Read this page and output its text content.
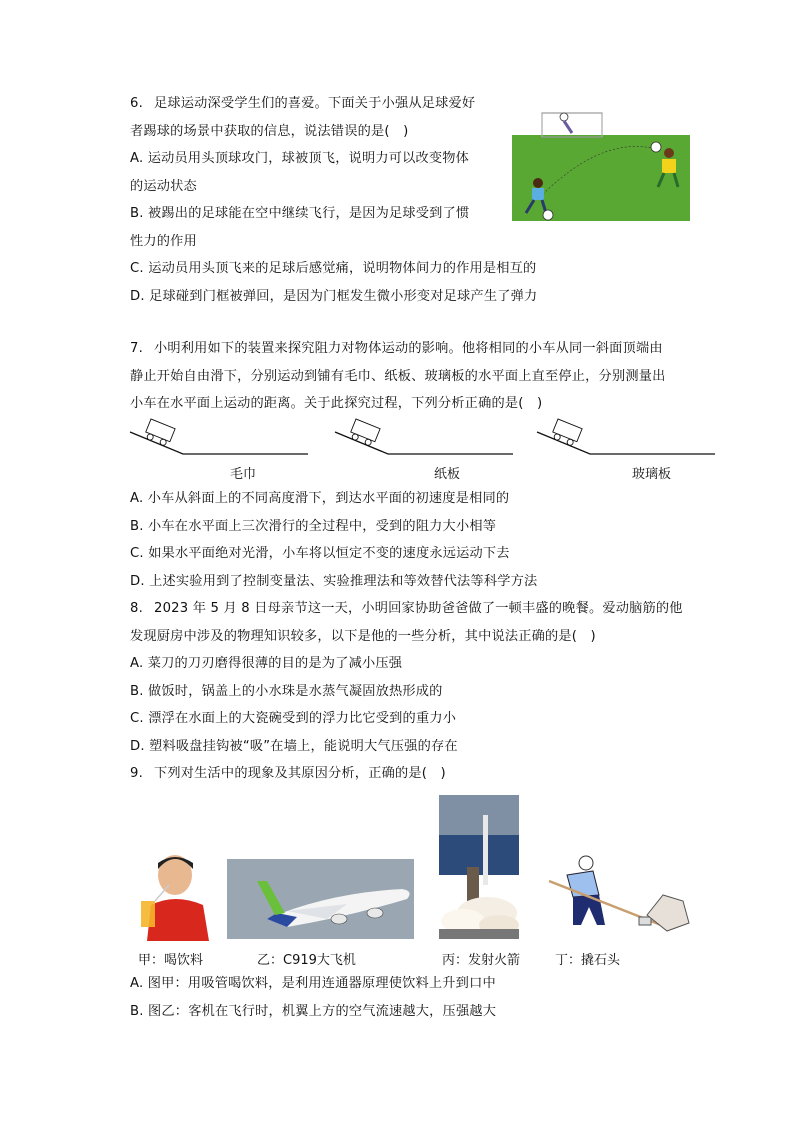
6. 足球运动深受学生们的喜爱。下面关于小强从足球爱好
者踢球的场景中获取的信息，说法错误的是(　)
A. 运动员用头顶球攻门，球被顶飞，说明力可以改变物体
的运动状态
B. 被踢出的足球能在空中继续飞行，是因为足球受到了惯
性力的作用
C. 运动员用头顶飞来的足球后感觉痛，说明物体间力的作用是相互的
D. 足球碰到门框被弹回，是因为门框发生微小形变对足球产生了弹力
7. 小明利用如下的装置来探究阻力对物体运动的影响。他将相同的小车从同一斜面顶端由
静止开始自由滑下，分别运动到铺有毛巾、纸板、玻璃板的水平面上直至停止，分别测量出
小车在水平面上运动的距离。关于此探究过程，下列分析正确的是(　)
毛巾	纸板	玻璃板
A. 小车从斜面上的不同高度滑下，到达水平面的初速度是相同的
B. 小车在水平面上三次滑行的全过程中，受到的阻力大小相等
C. 如果水平面绝对光滑，小车将以恒定不变的速度永远运动下去
D. 上述实验用到了控制变量法、实验推理法和等效替代法等科学方法
8. 2023 年 5 月 8 日母亲节这一天，小明回家协助爸爸做了一顿丰盛的晚餐。爱动脑筋的他
发现厨房中涉及的物理知识较多，以下是他的一些分析，其中说法正确的是(　)
A. 菜刀的刀刃磨得很薄的目的是为了减小压强
B. 做饭时，锅盖上的小水珠是水蒸气凝固放热形成的
C. 漂浮在水面上的大瓷碗受到的浮力比它受到的重力小
D. 塑料吸盘挂钩被“吸”在墙上，能说明大气压强的存在
9. 下列对生活中的现象及其原因分析，正确的是(　)
甲：喝饮料	乙：C919大飞机	丙：发射火箭	丁：撬石头
A. 图甲：用吸管喝饮料，是利用连通器原理使饮料上升到口中
B. 图乙：客机在飞行时，机翼上方的空气流速越大，压强越大
